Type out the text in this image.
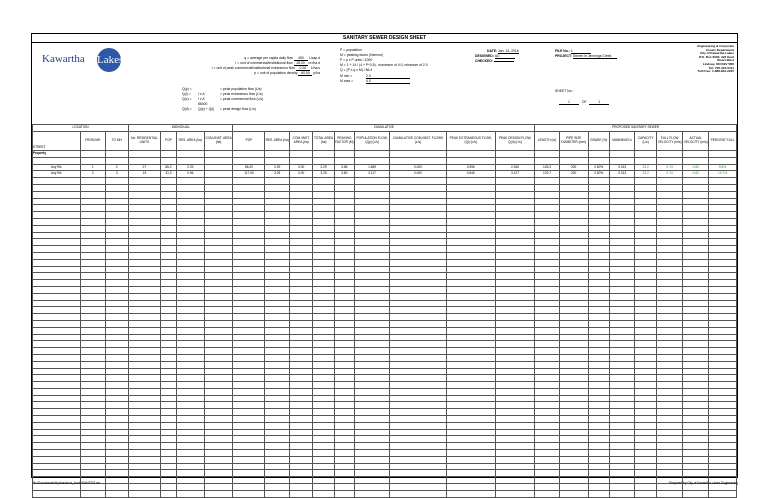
SANITARY SEWER DESIGN SHEET
Kawartha Lakes	q = average per capita daily flow 450 L/cap.d
I = unit of commercial/institutional flow 28.00 m³/ha.d
I = unit of peak commercial/institutional extraneous flow 0.26 L/ha.s
p = unit of population density 60.00 p/ha
Q(p) =	= peak population flow (L/s)
Q(i) = I x A	= peak extraneous flow (L/s)
Q(c) = I x A	= peak commercial flow (L/s)
86400
Q(d) = Q(p) + Q(i) = peak design flow (L/s)
P = population
M = peaking factor (Harmon)
P = p x P units / 1000
M = 1 + 14 / (4 + P^0.5) , maximum of 4.0, minimum of 2.0
Q = (P x q x M) / 86.4
M min =	2.0
M max =	4.0
DATE: Jan. 14, 2016
DESIGNED: AD
CHECKED:
FILE No.: 1
PROJECT: Steven in Jennings Creek
SHEET No.:
1	OF	1
Engineering & Corporate
Assets Department
City of Kawartha Lakes
P.O. Box 9000, 322 Kent
Street West
Lindsay, ON K9V 5R8
Tel: 705-324-9411
Toll Free: 1-888-822-2225
LOCATION			INDIVIDUAL				CUMULATIVE									PROPOSED SANITARY SEWER							
STREET	FROM MH	TO MH	No. RESIDENTIAL UNITS	POP	RES. AREA (ha)	COM./INST. AREA (ha)	POP	RES. AREA (ha)	COM./INST. AREA (ha)	TOTAL AREA (ha)	PEAKING FACTOR (M)	POPULATION FLOW, Q(p) (L/s)	CUMULATIVE COM./INST. FLOWS (L/s)	PEAK EXTRANEOUS FLOW, Q(i) (L/s)	PEAK DESIGN FLOW, Q(d) (L/s)	LENGTH (m)	PIPE SIZE DIAMETER (mm)	GRADE (%)	MANNINGS n	CAPACITY (L/s)	FULL FLOW VELOCITY (m/s)	ACTUAL VELOCITY (m/s)	PERCENT FULL
Property																							

Any Rd.	1	2	27	86.2	2.29		86.20	2.29	0.00	2.29	3.86	1.669	0.000	0.596	2.266	126.3	200	0.50%	0.013	23.2	0.74	0.60	9.8%
Any Rd.	2	3	15	31.3	0.96		117.50	3.25	0.00	3.25	3.80	3.117	0.000	0.846	3.127	129.7	200	0.50%	0.013	23.2	0.74	0.62	13.7%

Br:\Documents\Hydraulics\s_book\SANSTM.xls	Prepared by City of Kawartha Lakes Engineering
